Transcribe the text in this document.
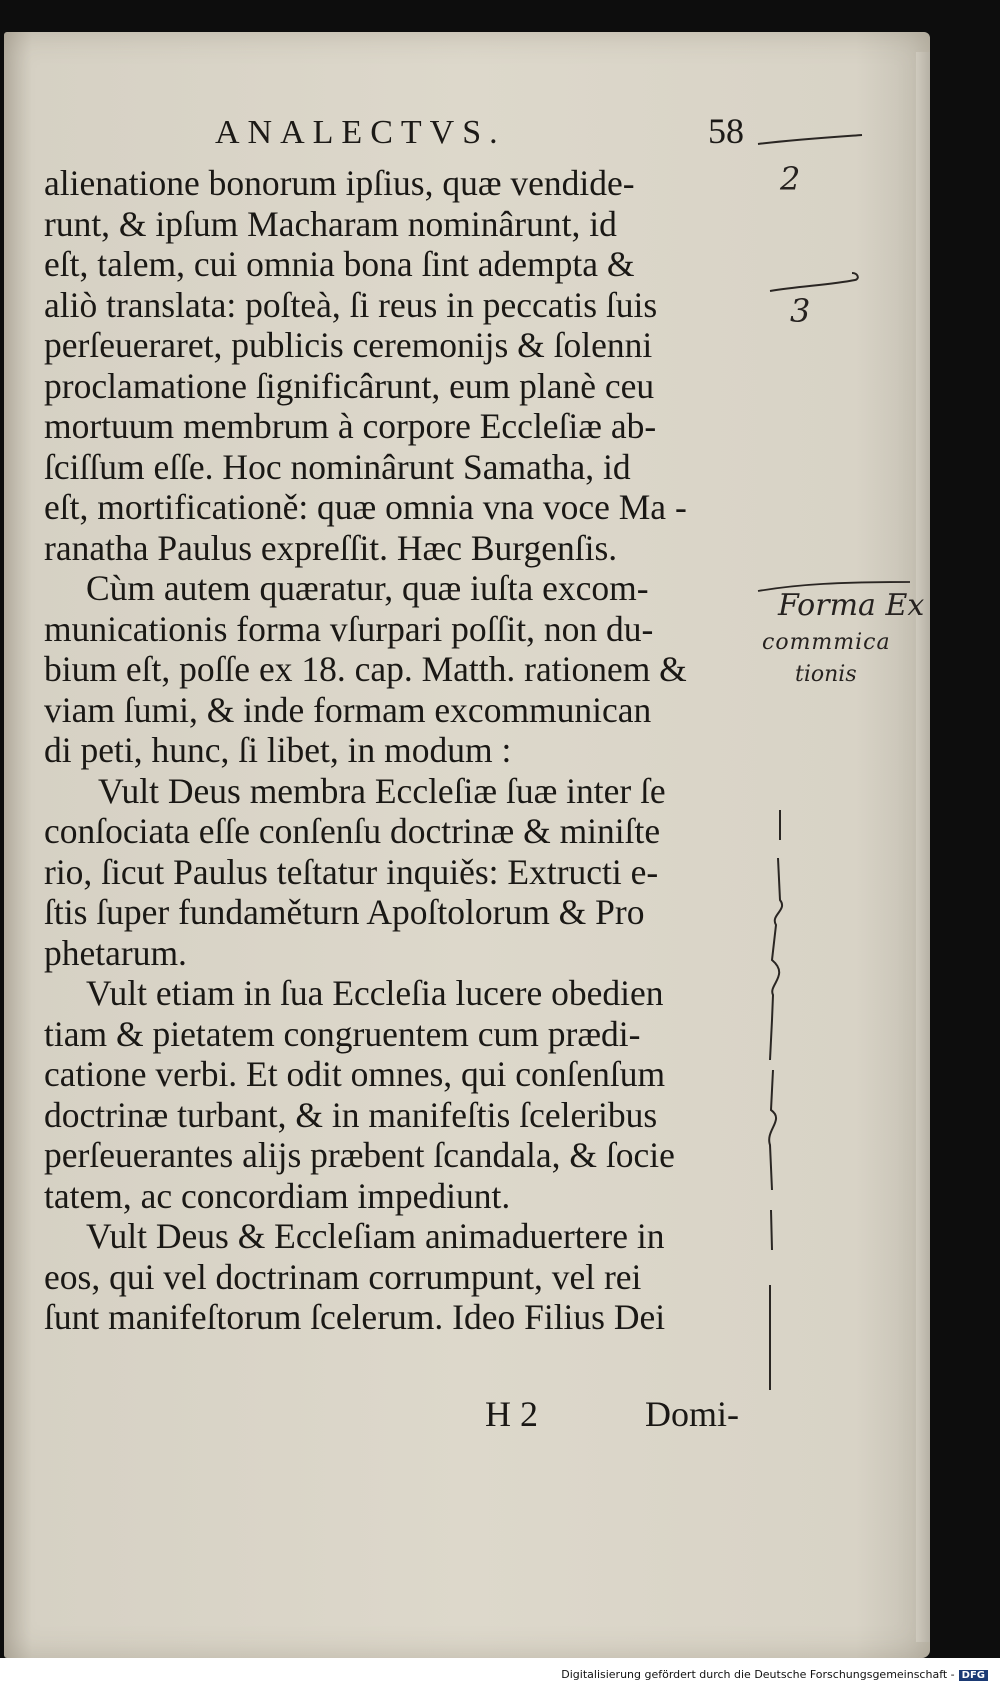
ANALECTVS.	58
alienatione bonorum ipſius, quæ vendide-
runt, & ipſum Macharam nominârunt, id
eſt, talem, cui omnia bona ſint adempta &
aliò translata: poſteà, ſi reus in peccatis ſuis
perſeueraret, publicis ceremonijs & ſolenni
proclamatione ſignificârunt, eum planè ceu
mortuum membrum à corpore Eccleſiæ ab-
ſciſſum eſſe. Hoc nominârunt Samatha, id
eſt, mortificationě: quæ omnia vna voce Ma -
ranatha Paulus expreſſit. Hæc Burgenſis.
Cùm autem quæratur, quæ iuſta excom-
municationis forma vſurpari poſſit, non du-
bium eſt, poſſe ex 18. cap. Matth. rationem &
viam ſumi, & inde formam excommunican
di peti, hunc, ſi libet, in modum :
Vult Deus membra Eccleſiæ ſuæ inter ſe
conſociata eſſe conſenſu doctrinæ & miniſte
rio, ſicut Paulus teſtatur inquiěs: Extructi e-
ſtis ſuper fundaměturn Apoſtolorum & Pro
phetarum.
Vult etiam in ſua Eccleſia lucere obedien
tiam & pietatem congruentem cum prædi-
catione verbi. Et odit omnes, qui conſenſum
doctrinæ turbant, & in manifeſtis ſceleribus
perſeuerantes alijs præbent ſcandala, & ſocie
tatem, ac concordiam impediunt.
Vult Deus & Eccleſiam animaduertere in
eos, qui vel doctrinam corrumpunt, vel rei
ſunt manifeſtorum ſcelerum. Ideo Filius Dei
H 2	Domi-
2
3
Forma Ex
commmica
tionis
Digitalisierung gefördert durch die Deutsche Forschungsgemeinschaft - DFG
